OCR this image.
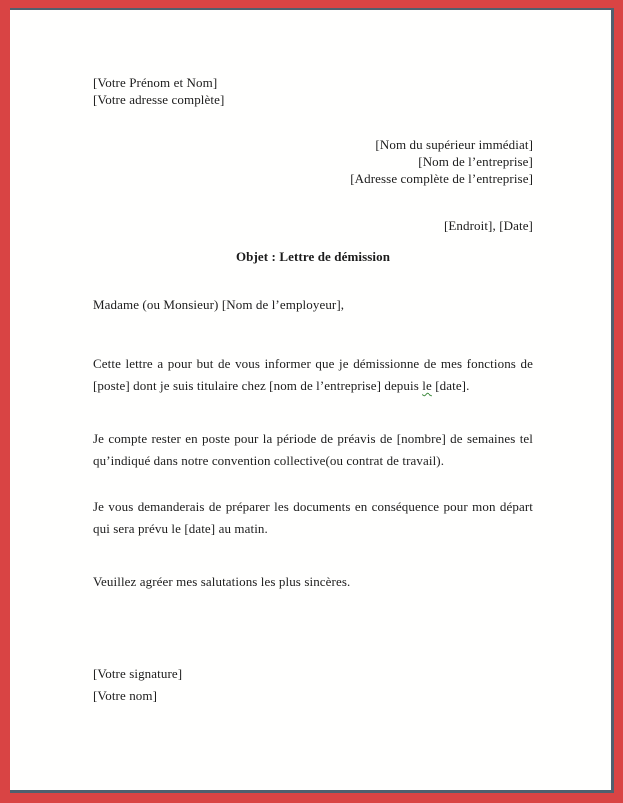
[Votre Prénom et Nom]
[Votre adresse complète]
[Nom du supérieur immédiat]
[Nom de l’entreprise]
[Adresse complète de l’entreprise]
[Endroit], [Date]
Objet : Lettre de démission
Madame (ou Monsieur) [Nom de l’employeur],

Cette lettre a pour but de vous informer que je démissionne de mes fonctions de [poste] dont je suis titulaire chez [nom de l’entreprise] depuis le [date].

Je compte rester en poste pour la période de préavis de [nombre] de semaines tel qu’indiqué dans notre convention collective(ou contrat de travail).

Je vous demanderais de préparer les documents en conséquence pour mon départ qui sera prévu le [date] au matin.

Veuillez agréer mes salutations les plus sincères.
[Votre signature]
[Votre nom]
